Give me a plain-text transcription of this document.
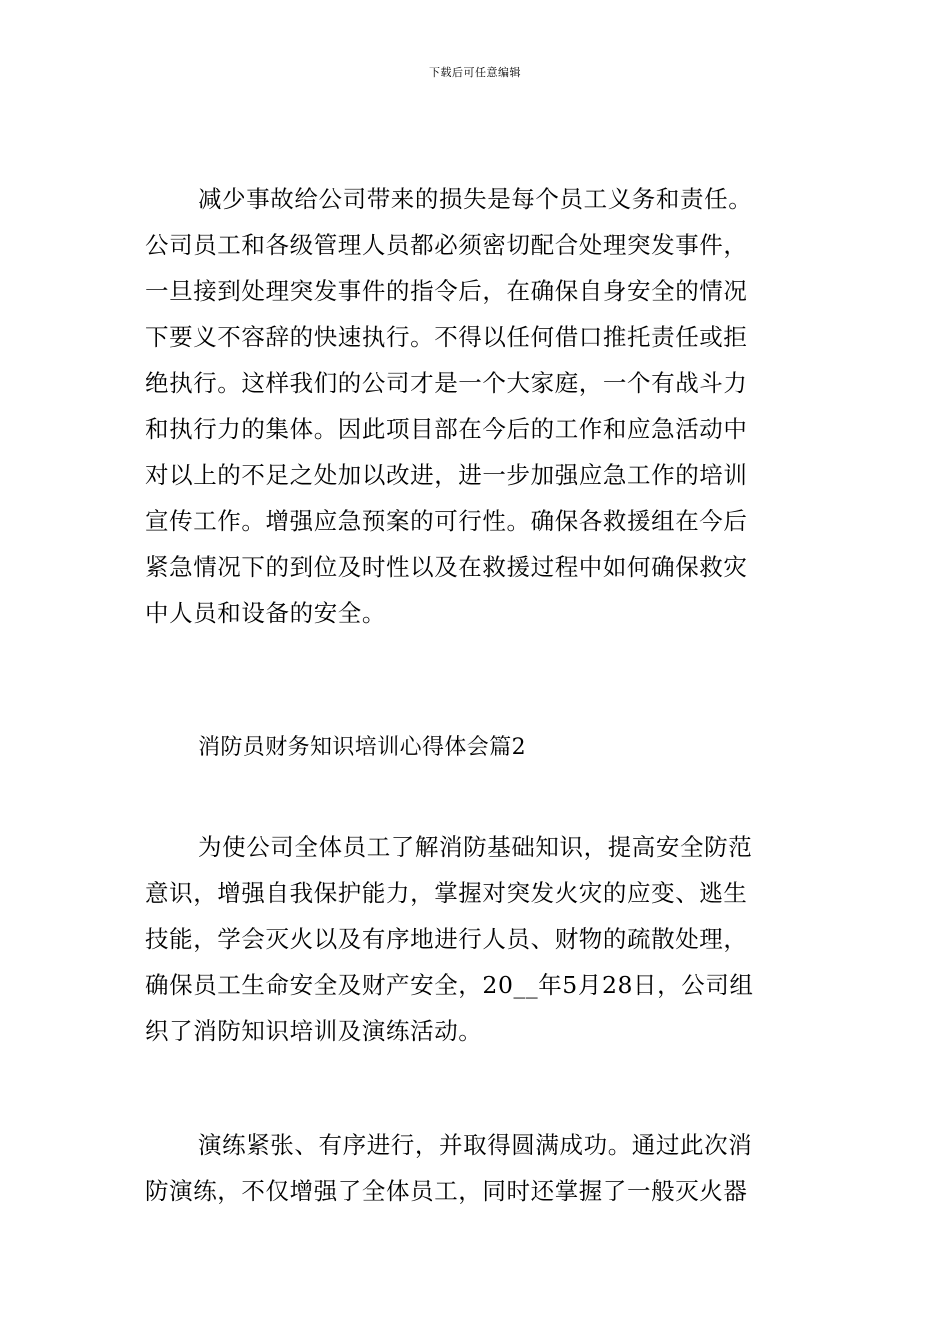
下载后可任意编辑
减少事故给公司带来的损失是每个员工义务和责任。
公司员工和各级管理人员都必须密切配合处理突发事件，
一旦接到处理突发事件的指令后，在确保自身安全的情况
下要义不容辞的快速执行。不得以任何借口推托责任或拒
绝执行。这样我们的公司才是一个大家庭，一个有战斗力
和执行力的集体。因此项目部在今后的工作和应急活动中
对以上的不足之处加以改进，进一步加强应急工作的培训
宣传工作。增强应急预案的可行性。确保各救援组在今后
紧急情况下的到位及时性以及在救援过程中如何确保救灾
中人员和设备的安全。
消防员财务知识培训心得体会篇2
为使公司全体员工了解消防基础知识，提高安全防范
意识，增强自我保护能力，掌握对突发火灾的应变、逃生
技能，学会灭火以及有序地进行人员、财物的疏散处理，
确保员工生命安全及财产安全，20__年5月28日，公司组
织了消防知识培训及演练活动。
演练紧张、有序进行，并取得圆满成功。通过此次消
防演练，不仅增强了全体员工，同时还掌握了一般灭火器
